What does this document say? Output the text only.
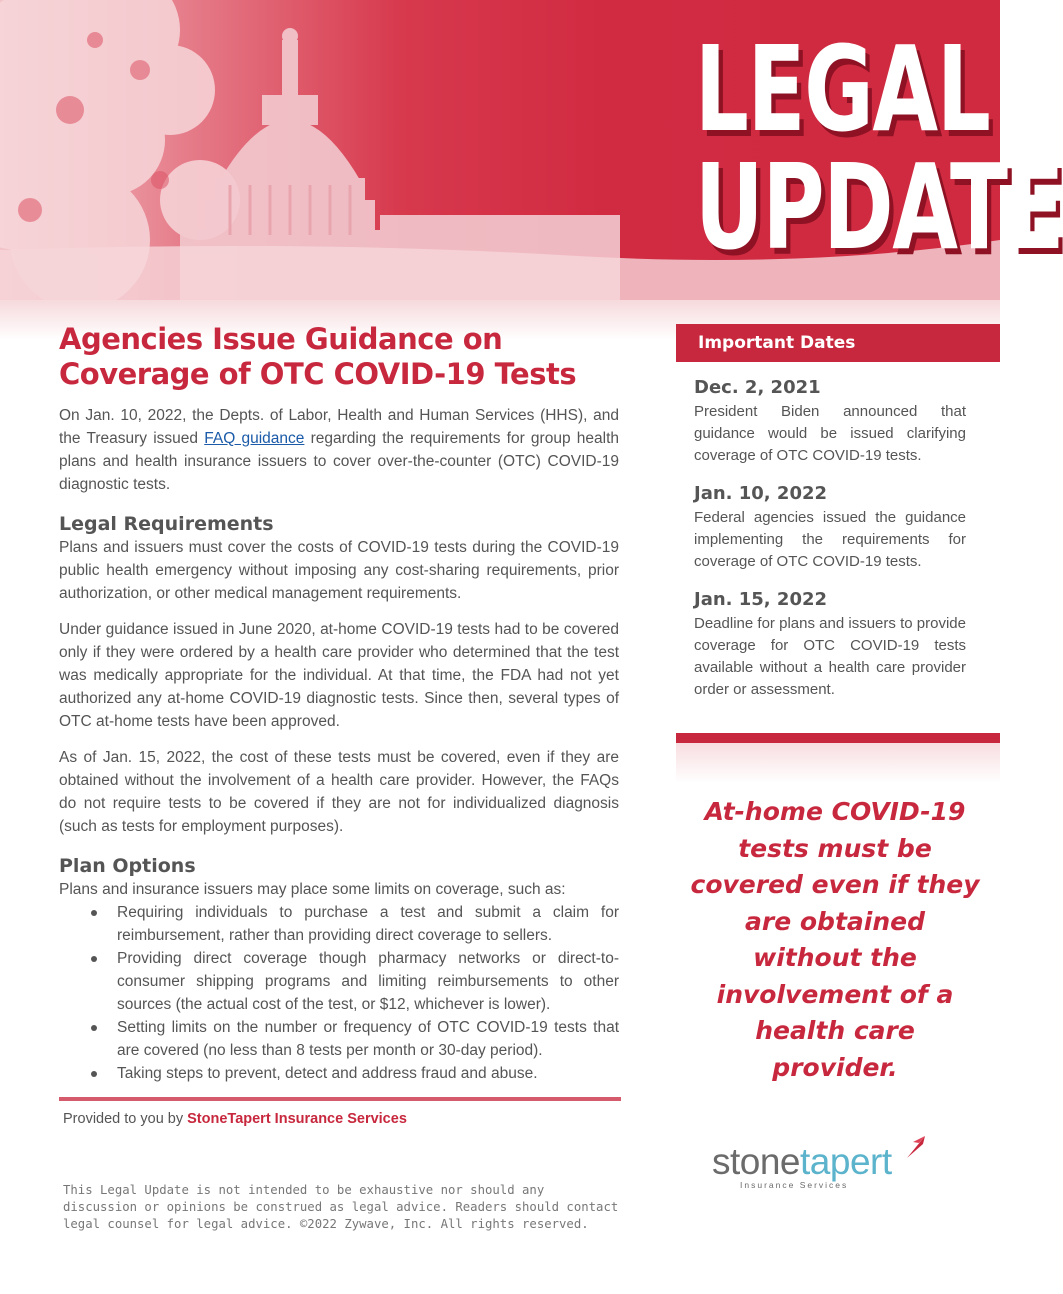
LEGAL
UPDATE
Agencies Issue Guidance on
Coverage of OTC COVID-19 Tests

On Jan. 10, 2022, the Depts. of Labor, Health and Human Services (HHS), and the Treasury issued FAQ guidance regarding the requirements for group health plans and health insurance issuers to cover over-the-counter (OTC) COVID-19 diagnostic tests.

Legal Requirements

Plans and issuers must cover the costs of COVID-19 tests during the COVID-19 public health emergency without imposing any cost-sharing requirements, prior authorization, or other medical management requirements.

Under guidance issued in June 2020, at-home COVID-19 tests had to be covered only if they were ordered by a health care provider who determined that the test was medically appropriate for the individual. At that time, the FDA had not yet authorized any at-home COVID-19 diagnostic tests. Since then, several types of OTC at-home tests have been approved.

As of Jan. 15, 2022, the cost of these tests must be covered, even if they are obtained without the involvement of a health care provider. However, the FAQs do not require tests to be covered if they are not for individualized diagnosis (such as tests for employment purposes).

Plan Options

Plans and insurance issuers may place some limits on coverage, such as:

Requiring individuals to purchase a test and submit a claim for reimbursement, rather than providing direct coverage to sellers.
Providing direct coverage though pharmacy networks or direct-to-consumer shipping programs and limiting reimbursements to other sources (the actual cost of the test, or $12, whichever is lower).
Setting limits on the number or frequency of OTC COVID-19 tests that are covered (no less than 8 tests per month or 30-day period).
Taking steps to prevent, detect and address fraud and abuse.
Provided to you by StoneTapert Insurance Services
This Legal Update is not intended to be exhaustive nor should any discussion or opinions be construed as legal advice. Readers should contact legal counsel for legal advice. ©2022 Zywave, Inc. All rights reserved.
Important Dates
Dec. 2, 2021
President Biden announced that guidance would be issued clarifying coverage of OTC COVID-19 tests.
Jan. 10, 2022
Federal agencies issued the guidance implementing the requirements for coverage of OTC COVID-19 tests.
Jan. 15, 2022
Deadline for plans and issuers to provide coverage for OTC COVID-19 tests available without a health care provider order or assessment.
At-home COVID-19 tests must be covered even if they are obtained without the involvement of a health care provider.
stonetapert
Insurance Services
